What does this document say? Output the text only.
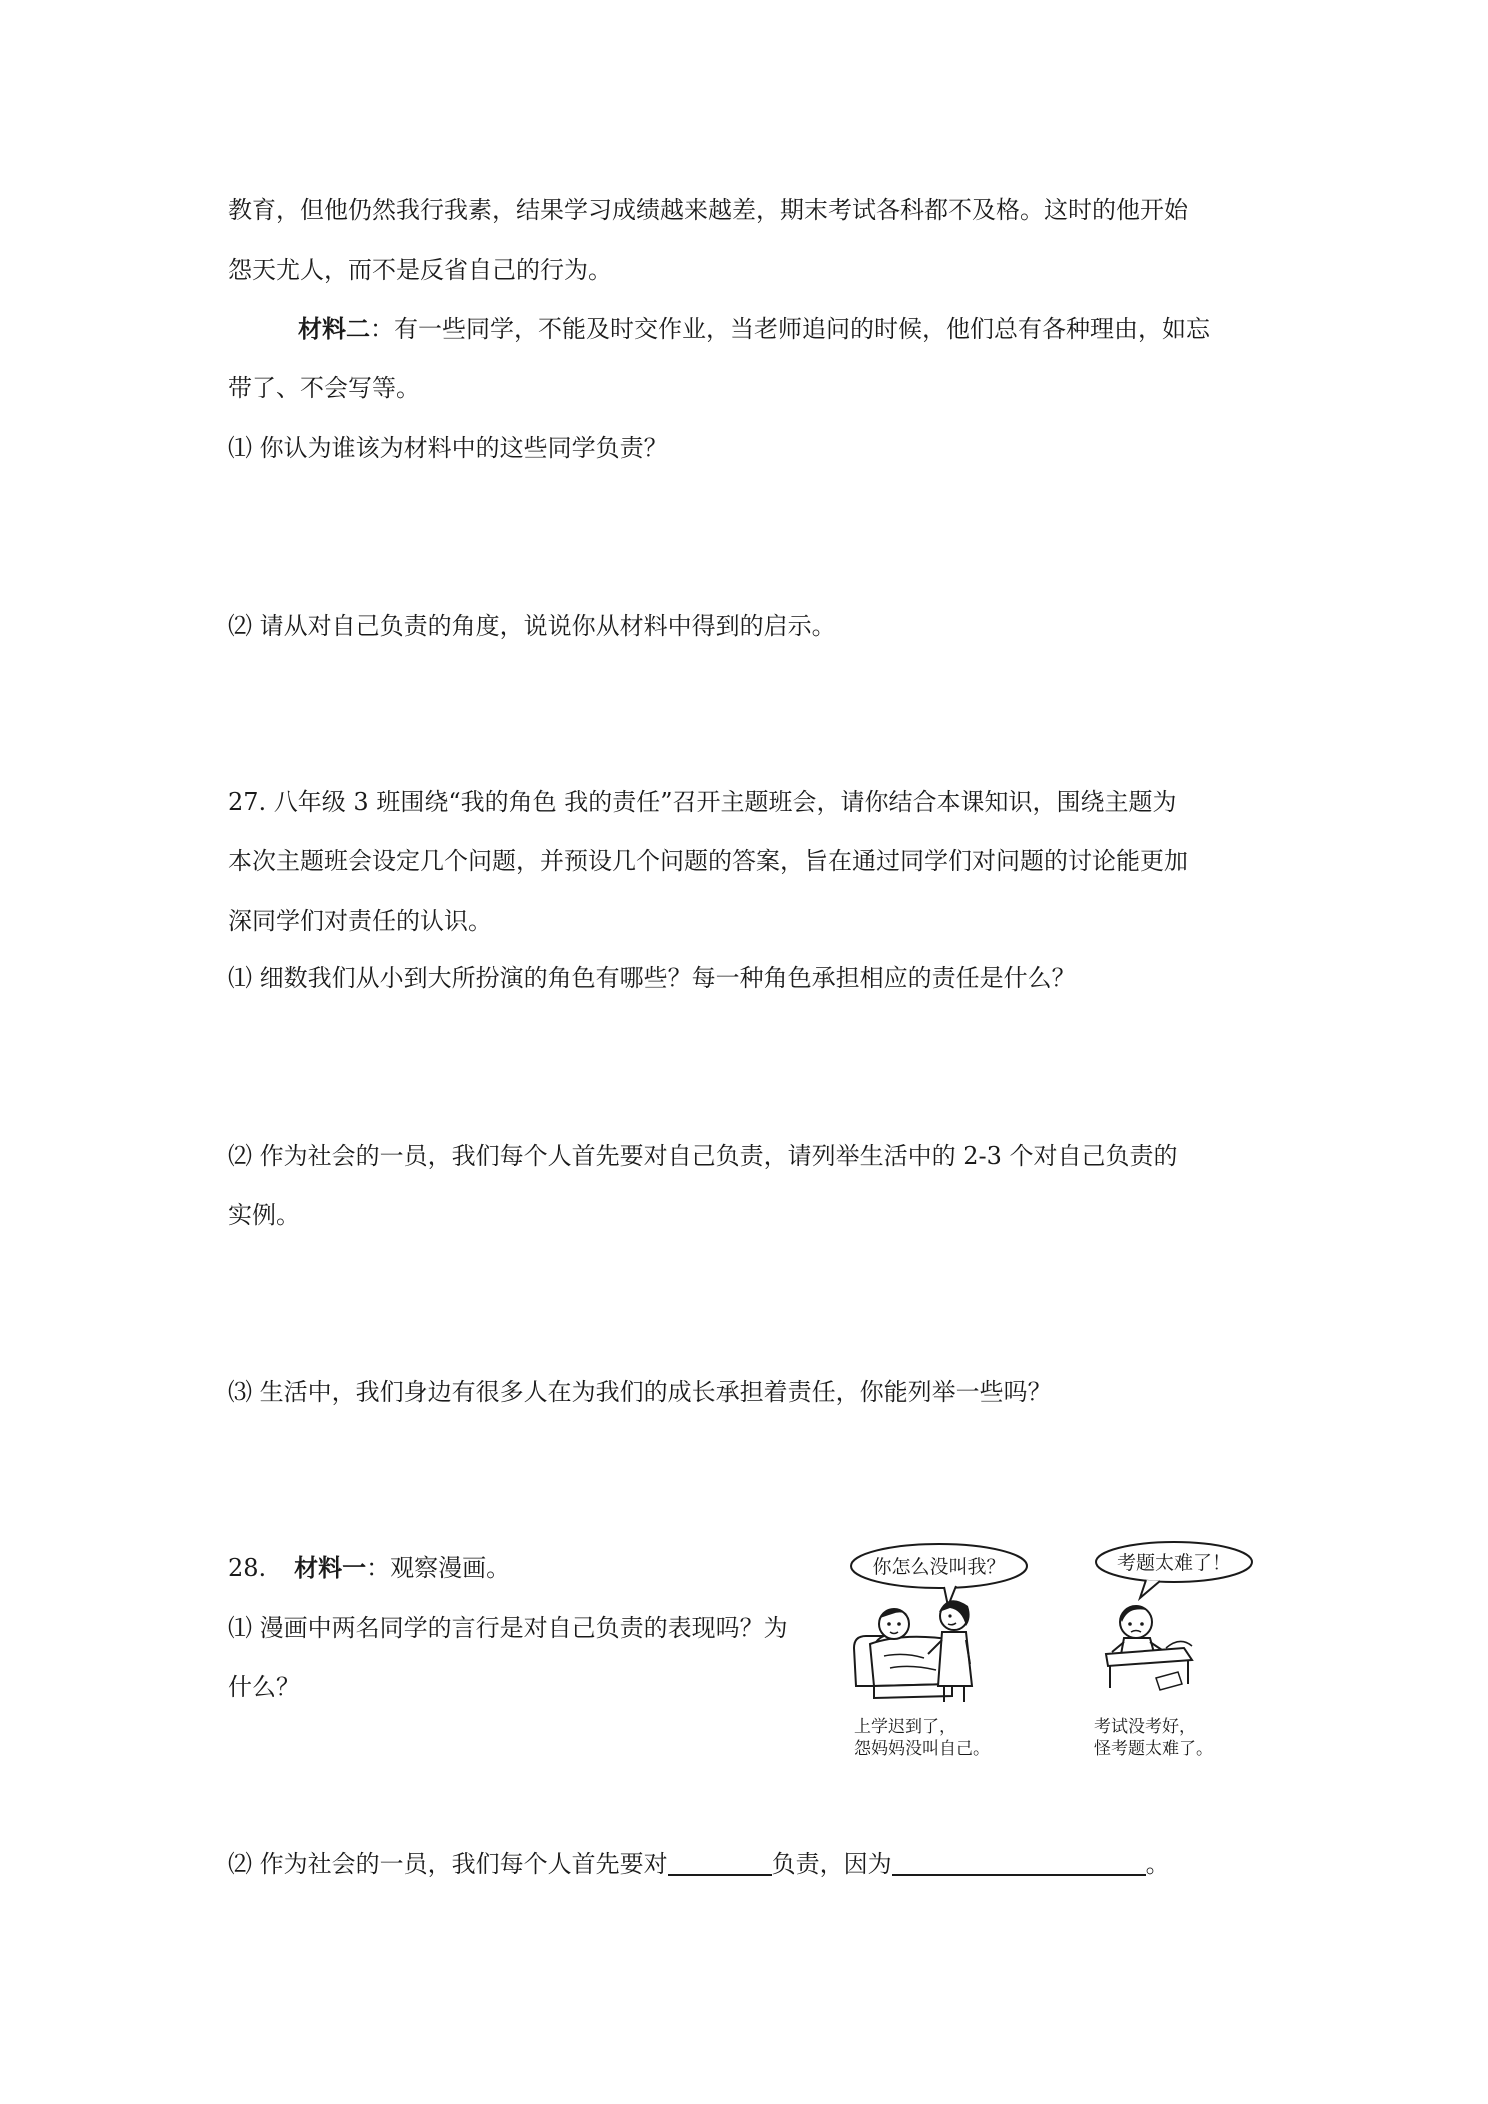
教育，但他仍然我行我素，结果学习成绩越来越差，期末考试各科都不及格。这时的他开始
怨天尤人，而不是反省自己的行为。
材料二：有一些同学，不能及时交作业，当老师追问的时候，他们总有各种理由，如忘
带了、不会写等。
⑴ 你认为谁该为材料中的这些同学负责？
⑵ 请从对自己负责的角度，说说你从材料中得到的启示。
27. 八年级 3 班围绕“我的角色 我的责任”召开主题班会，请你结合本课知识，围绕主题为
本次主题班会设定几个问题，并预设几个问题的答案，旨在通过同学们对问题的讨论能更加
深同学们对责任的认识。
⑴ 细数我们从小到大所扮演的角色有哪些？每一种角色承担相应的责任是什么？
⑵ 作为社会的一员，我们每个人首先要对自己负责，请列举生活中的 2-3 个对自己负责的
实例。
⑶ 生活中，我们身边有很多人在为我们的成长承担着责任，你能列举一些吗？
28. 材料一：观察漫画。
⑴ 漫画中两名同学的言行是对自己负责的表现吗？为
什么？
⑵ 作为社会的一员，我们每个人首先要对	负责，因为	。
你怎么没叫我？
上学迟到了，
怨妈妈没叫自己。
考题太难了！
考试没考好，
怪考题太难了。
